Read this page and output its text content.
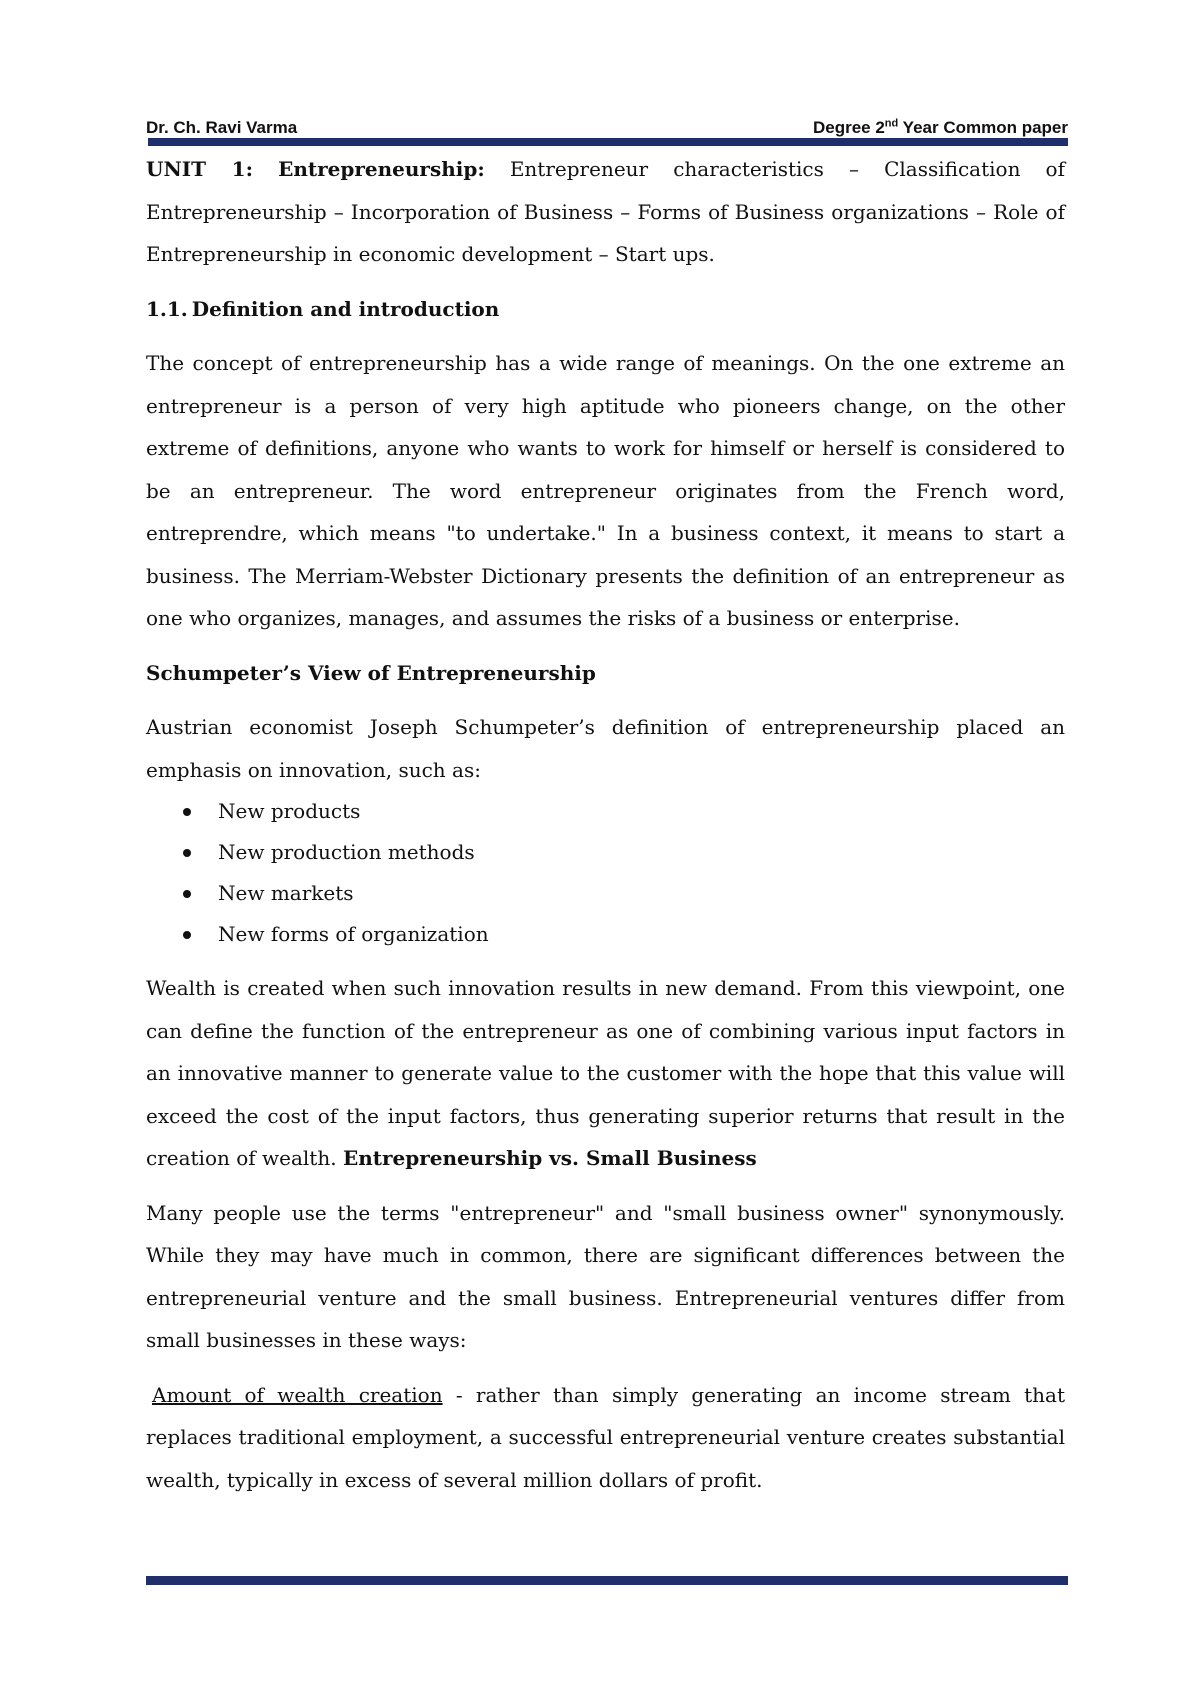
Dr. Ch. Ravi Varma	Degree 2nd Year Common paper

UNIT 1: Entrepreneurship: Entrepreneur characteristics – Classification of Entrepreneurship – Incorporation of Business – Forms of Business organizations – Role of Entrepreneurship in economic development – Start ups.

1.1. Definition and introduction

The concept of entrepreneurship has a wide range of meanings. On the one extreme an entrepreneur is a person of very high aptitude who pioneers change, on the other extreme of definitions, anyone who wants to work for himself or herself is considered to be an entrepreneur. The word entrepreneur originates from the French word, entreprendre, which means "to undertake." In a business context, it means to start a business. The Merriam-Webster Dictionary presents the definition of an entrepreneur as one who organizes, manages, and assumes the risks of a business or enterprise.

Schumpeter’s View of Entrepreneurship

Austrian economist Joseph Schumpeter’s definition of entrepreneurship placed an emphasis on innovation, such as:

New products
New production methods
New markets
New forms of organization

Wealth is created when such innovation results in new demand. From this viewpoint, one can define the function of the entrepreneur as one of combining various input factors in an innovative manner to generate value to the customer with the hope that this value will exceed the cost of the input factors, thus generating superior returns that result in the creation of wealth. Entrepreneurship vs. Small Business

Many people use the terms "entrepreneur" and "small business owner" synonymously. While they may have much in common, there are significant differences between the entrepreneurial venture and the small business. Entrepreneurial ventures differ from small businesses in these ways:

Amount of wealth creation - rather than simply generating an income stream that replaces traditional employment, a successful entrepreneurial venture creates substantial wealth, typically in excess of several million dollars of profit.
